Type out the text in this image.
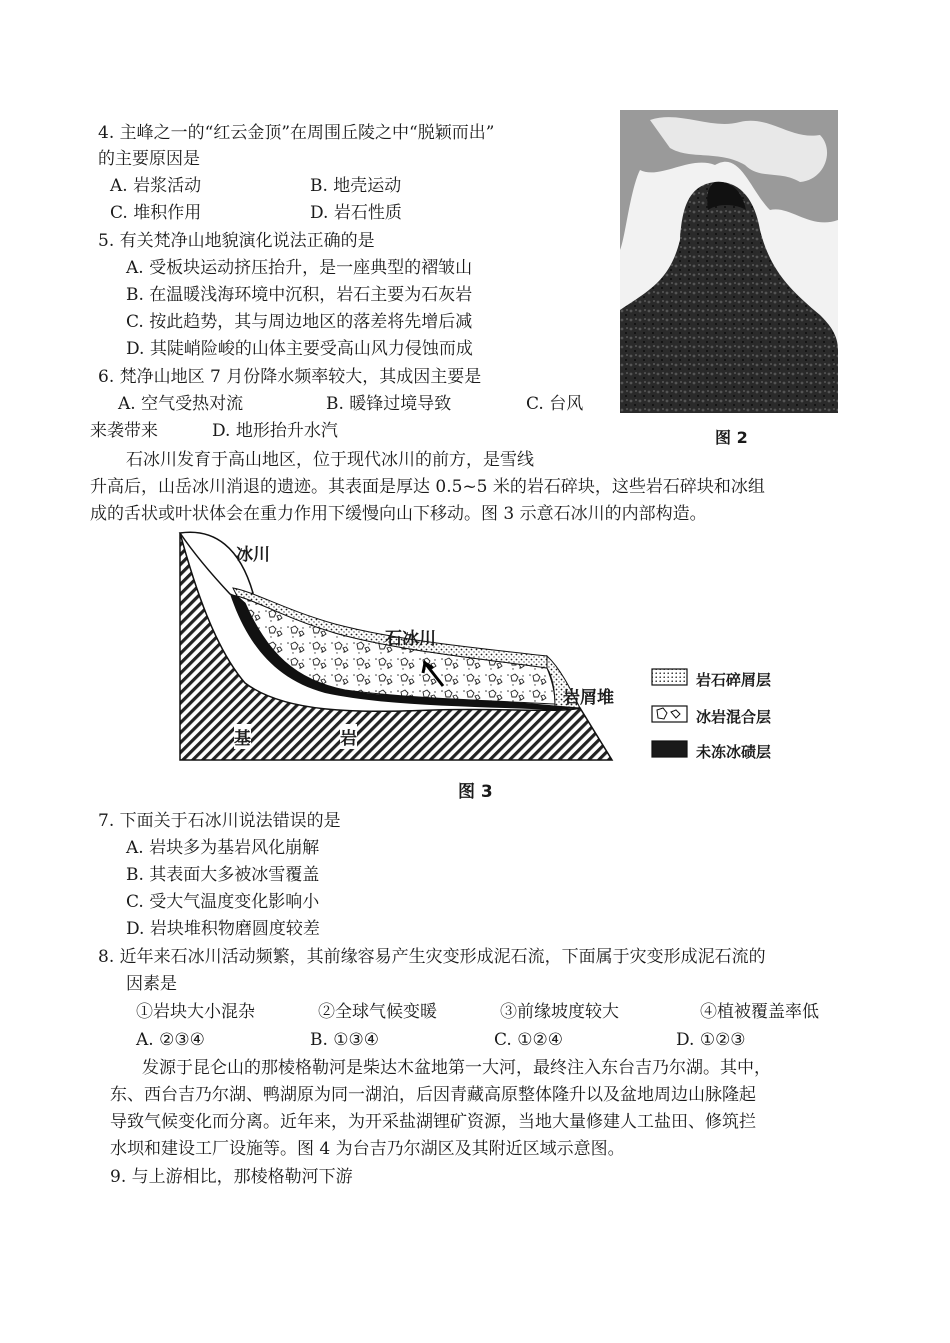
4. 主峰之一的“红云金顶”在周围丘陵之中“脱颖而出”
的主要原因是
A. 岩浆活动	B. 地壳运动
C. 堆积作用	D. 岩石性质
5. 有关梵净山地貌演化说法正确的是
A. 受板块运动挤压抬升，是一座典型的褶皱山
B. 在温暖浅海环境中沉积，岩石主要为石灰岩
C. 按此趋势，其与周边地区的落差将先增后减
D. 其陡峭险峻的山体主要受高山风力侵蚀而成
6. 梵净山地区 7 月份降水频率较大，其成因主要是
A. 空气受热对流	B. 暖锋过境导致	C. 台风
来袭带来	D. 地形抬升水汽	图 2
石冰川发育于高山地区，位于现代冰川的前方，是雪线
升高后，山岳冰川消退的遗迹。其表面是厚达 0.5~5 米的岩石碎块，这些岩石碎块和冰组
成的舌状或叶状体会在重力作用下缓慢向山下移动。图 3 示意石冰川的内部构造。
冰川
石冰川
岩屑堆
基	岩
岩石碎屑层
冰岩混合层
未冻冰碛层
图 3
7. 下面关于石冰川说法错误的是
A. 岩块多为基岩风化崩解
B. 其表面大多被冰雪覆盖
C. 受大气温度变化影响小
D. 岩块堆积物磨圆度较差
8. 近年来石冰川活动频繁，其前缘容易产生灾变形成泥石流，下面属于灾变形成泥石流的
因素是
①岩块大小混杂	②全球气候变暖	③前缘坡度较大	④植被覆盖率低
A. ②③④	B. ①③④	C. ①②④	D. ①②③
发源于昆仑山的那棱格勒河是柴达木盆地第一大河，最终注入东台吉乃尔湖。其中，
东、西台吉乃尔湖、鸭湖原为同一湖泊，后因青藏高原整体隆升以及盆地周边山脉隆起
导致气候变化而分离。近年来，为开采盐湖锂矿资源，当地大量修建人工盐田、修筑拦
水坝和建设工厂设施等。图 4 为台吉乃尔湖区及其附近区域示意图。
9. 与上游相比，那棱格勒河下游
